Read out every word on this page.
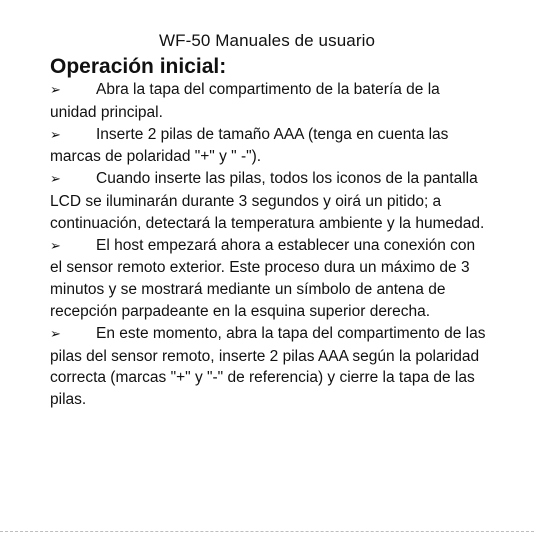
WF-50 Manuales de usuario
Operación inicial:

➢ Abra la tapa del compartimento de la batería de la unidad principal.

➢ Inserte 2 pilas de tamaño AAA (tenga en cuenta las marcas de polaridad "+" y " -").

➢ Cuando inserte las pilas, todos los iconos de la pantalla LCD se iluminarán durante 3 segundos y oirá un pitido; a continuación, detectará la temperatura ambiente y la humedad.

➢ El host empezará ahora a establecer una conexión con el sensor remoto exterior. Este proceso dura un máximo de 3 minutos y se mostrará mediante un símbolo de antena de recepción parpadeante en la esquina superior derecha.

➢ En este momento, abra la tapa del compartimento de las pilas del sensor remoto, inserte 2 pilas AAA según la polaridad correcta (marcas "+" y "-" de referencia) y cierre la tapa de las pilas.
